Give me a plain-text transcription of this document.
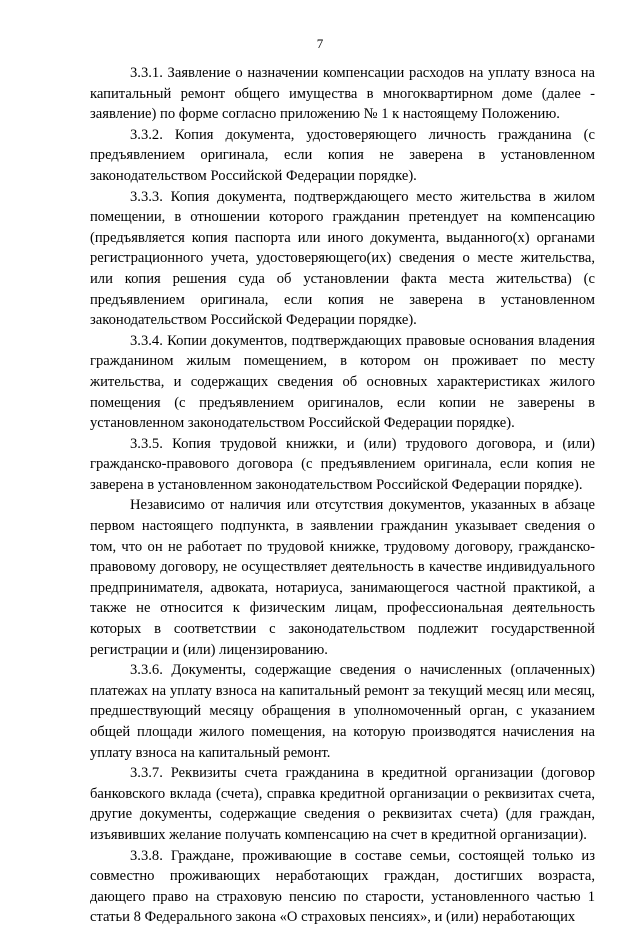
7

3.3.1. Заявление о назначении компенсации расходов на уплату взноса на капитальный ремонт общего имущества в многоквартирном доме (далее - заявление) по форме согласно приложению № 1 к настоящему Положению.

3.3.2. Копия документа, удостоверяющего личность гражданина (с предъявлением оригинала, если копия не заверена в установленном законодательством Российской Федерации порядке).

3.3.3. Копия документа, подтверждающего место жительства в жилом помещении, в отношении которого гражданин претендует на компенсацию (предъявляется копия паспорта или иного документа, выданного(х) органами регистрационного учета, удостоверяющего(их) сведения о месте жительства, или копия решения суда об установлении факта места жительства) (с предъявлением оригинала, если копия не заверена в установленном законодательством Российской Федерации порядке).

3.3.4. Копии документов, подтверждающих правовые основания владения гражданином жилым помещением, в котором он проживает по месту жительства, и содержащих сведения об основных характеристиках жилого помещения (с предъявлением оригиналов, если копии не заверены в установленном законодательством Российской Федерации порядке).

3.3.5. Копия трудовой книжки, и (или) трудового договора, и (или) гражданско-правового договора (с предъявлением оригинала, если копия не заверена в установленном законодательством Российской Федерации порядке).

Независимо от наличия или отсутствия документов, указанных в абзаце первом настоящего подпункта, в заявлении гражданин указывает сведения о том, что он не работает по трудовой книжке, трудовому договору, гражданско-правовому договору, не осуществляет деятельность в качестве индивидуального предпринимателя, адвоката, нотариуса, занимающегося частной практикой, а также не относится к физическим лицам, профессиональная деятельность которых в соответствии с законодательством подлежит государственной регистрации и (или) лицензированию.

3.3.6. Документы, содержащие сведения о начисленных (оплаченных) платежах на уплату взноса на капитальный ремонт за текущий месяц или месяц, предшествующий месяцу обращения в уполномоченный орган, с указанием общей площади жилого помещения, на которую производятся начисления на уплату взноса на капитальный ремонт.

3.3.7. Реквизиты счета гражданина в кредитной организации (договор банковского вклада (счета), справка кредитной организации о реквизитах счета, другие документы, содержащие сведения о реквизитах счета) (для граждан, изъявивших желание получать компенсацию на счет в кредитной организации).

3.3.8. Граждане, проживающие в составе семьи, состоящей только из совместно проживающих неработающих граждан, достигших возраста, дающего право на страховую пенсию по старости, установленного частью 1 статьи 8 Федерального закона «О страховых пенсиях», и (или) неработающих
